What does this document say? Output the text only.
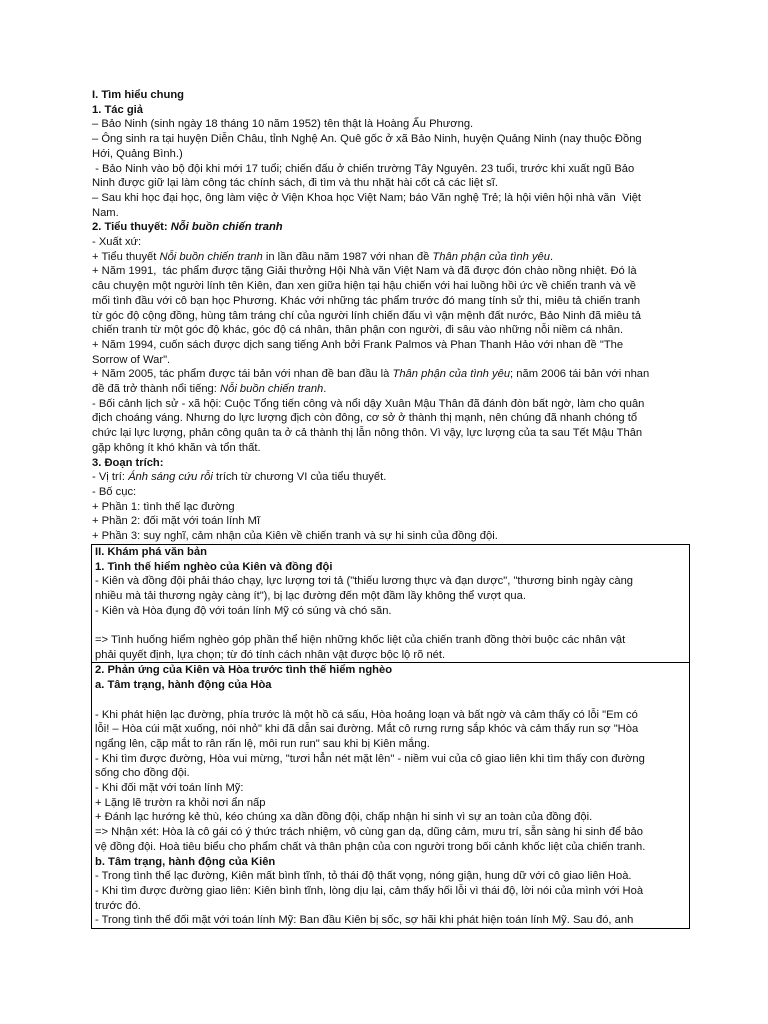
I. Tìm hiểu chung
1. Tác giả
– Bảo Ninh (sinh ngày 18 tháng 10 năm 1952) tên thật là Hoàng Ấu Phương.
– Ông sinh ra tại huyện Diễn Châu, tỉnh Nghệ An. Quê gốc ở xã Bảo Ninh, huyện Quảng Ninh (nay thuộc Đồng
Hới, Quảng Bình.)
- Bảo Ninh vào bộ đội khi mới 17 tuổi; chiến đấu ở chiến trường Tây Nguyên. 23 tuổi, trước khi xuất ngũ Bảo
Ninh được giữ lại làm công tác chính sách, đi tìm và thu nhặt hài cốt cả các liệt sĩ.
– Sau khi học đại học, ông làm việc ở Viện Khoa học Việt Nam; báo Văn nghệ Trẻ; là hội viên hội nhà văn  Việt
Nam.
2. Tiểu thuyết: Nỗi buồn chiến tranh
- Xuất xứ:
+ Tiểu thuyết Nỗi buồn chiến tranh in lần đầu năm 1987 với nhan đề Thân phận của tình yêu.
+ Năm 1991,  tác phẩm được tặng Giải thưởng Hội Nhà văn Việt Nam và đã được đón chào nồng nhiệt. Đó là
câu chuyện một người lính tên Kiên, đan xen giữa hiện tại hậu chiến với hai luồng hồi ức về chiến tranh và về
mối tình đầu với cô bạn học Phương. Khác với những tác phẩm trước đó mang tính sử thi, miêu tả chiến tranh
từ góc độ cộng đồng, hùng tâm tráng chí của người lính chiến đấu vì vận mệnh đất nước, Bảo Ninh đã miêu tả
chiến tranh từ một góc độ khác, góc độ cá nhân, thân phận con người, đi sâu vào những nỗi niềm cá nhân.
+ Năm 1994, cuốn sách được dịch sang tiếng Anh bởi Frank Palmos và Phan Thanh Hảo với nhan đề "The
Sorrow of War".
+ Năm 2005, tác phẩm được tái bản với nhan đề ban đầu là Thân phận của tình yêu; năm 2006 tái bản với nhan
đề đã trở thành nổi tiếng: Nỗi buồn chiến tranh.
- Bối cảnh lịch sử - xã hội: Cuộc Tổng tiến công và nổi dậy Xuân Mậu Thân đã đánh đòn bất ngờ, làm cho quân
địch choáng váng. Nhưng do lực lượng địch còn đông, cơ sở ở thành thị mạnh, nên chúng đã nhanh chóng tổ
chức lại lực lượng, phản công quân ta ở cả thành thị lẫn nông thôn. Vì vậy, lực lượng của ta sau Tết Mậu Thân
gặp không ít khó khăn và tổn thất.
3. Đoạn trích:
- Vị trí: Ánh sáng cứu rỗi trích từ chương VI của tiểu thuyết.
- Bố cục:
+ Phần 1: tình thế lạc đường
+ Phần 2: đối mặt với toán lính Mĩ
+ Phần 3: suy nghĩ, cảm nhận của Kiên về chiến tranh và sự hi sinh của đồng đội.
II. Khám phá văn bản
1. Tình thế hiểm nghèo của Kiên và đồng đội
- Kiên và đồng đội phải tháo chạy, lực lượng tơi tả ("thiếu lương thực và đạn dược", "thương binh ngày càng
nhiều mà tải thương ngày càng ít"), bị lạc đường đến một đầm lầy không thể vượt qua.
- Kiên và Hòa đụng độ với toán lính Mỹ có súng và chó săn.
=> Tình huống hiểm nghèo góp phần thể hiện những khốc liệt của chiến tranh đồng thời buộc các nhân vật
phải quyết định, lựa chọn; từ đó tính cách nhân vật được bộc lộ rõ nét.
2. Phản ứng của Kiên và Hòa trước tình thế hiểm nghèo
a. Tâm trạng, hành động của Hòa
- Khi phát hiện lạc đường, phía trước là một hồ cá sấu, Hòa hoảng loạn và bất ngờ và cảm thấy có lỗi "Em có
lỗi! – Hòa cúi mặt xuống, nói nhỏ" khi đã dẫn sai đường. Mắt cô rưng rưng sắp khóc và cảm thấy run sợ "Hòa
ngẩng lên, cặp mắt to rân rấn lệ, môi run run" sau khi bị Kiên mắng.
- Khi tìm được đường, Hòa vui mừng, "tươi hẳn nét mặt lên" - niềm vui của cô giao liên khi tìm thấy con đường
sống cho đồng đội.
- Khi đối mặt với toán lính Mỹ:
+ Lặng lẽ trườn ra khỏi nơi ẩn nấp
+ Đánh lạc hướng kẻ thù, kéo chúng xa dần đồng đội, chấp nhận hi sinh vì sự an toàn của đồng đội.
=> Nhận xét: Hòa là cô gái có ý thức trách nhiệm, vô cùng gan dạ, dũng cảm, mưu trí, sẵn sàng hi sinh để bảo
vệ đồng đội. Hoà tiêu biểu cho phẩm chất và thân phận của con người trong bối cảnh khốc liệt của chiến tranh.
b. Tâm trạng, hành động của Kiên
- Trong tình thế lạc đường, Kiên mất bình tĩnh, tỏ thái độ thất vọng, nóng giận, hung dữ với cô giao liên Hoà.
- Khi tìm được đường giao liên: Kiên bình tĩnh, lòng dịu lại, cảm thấy hối lỗi vì thái độ, lời nói của mình với Hoà
trước đó.
- Trong tình thế đối mặt với toán lính Mỹ: Ban đầu Kiên bị sốc, sợ hãi khi phát hiện toán lính Mỹ. Sau đó, anh
